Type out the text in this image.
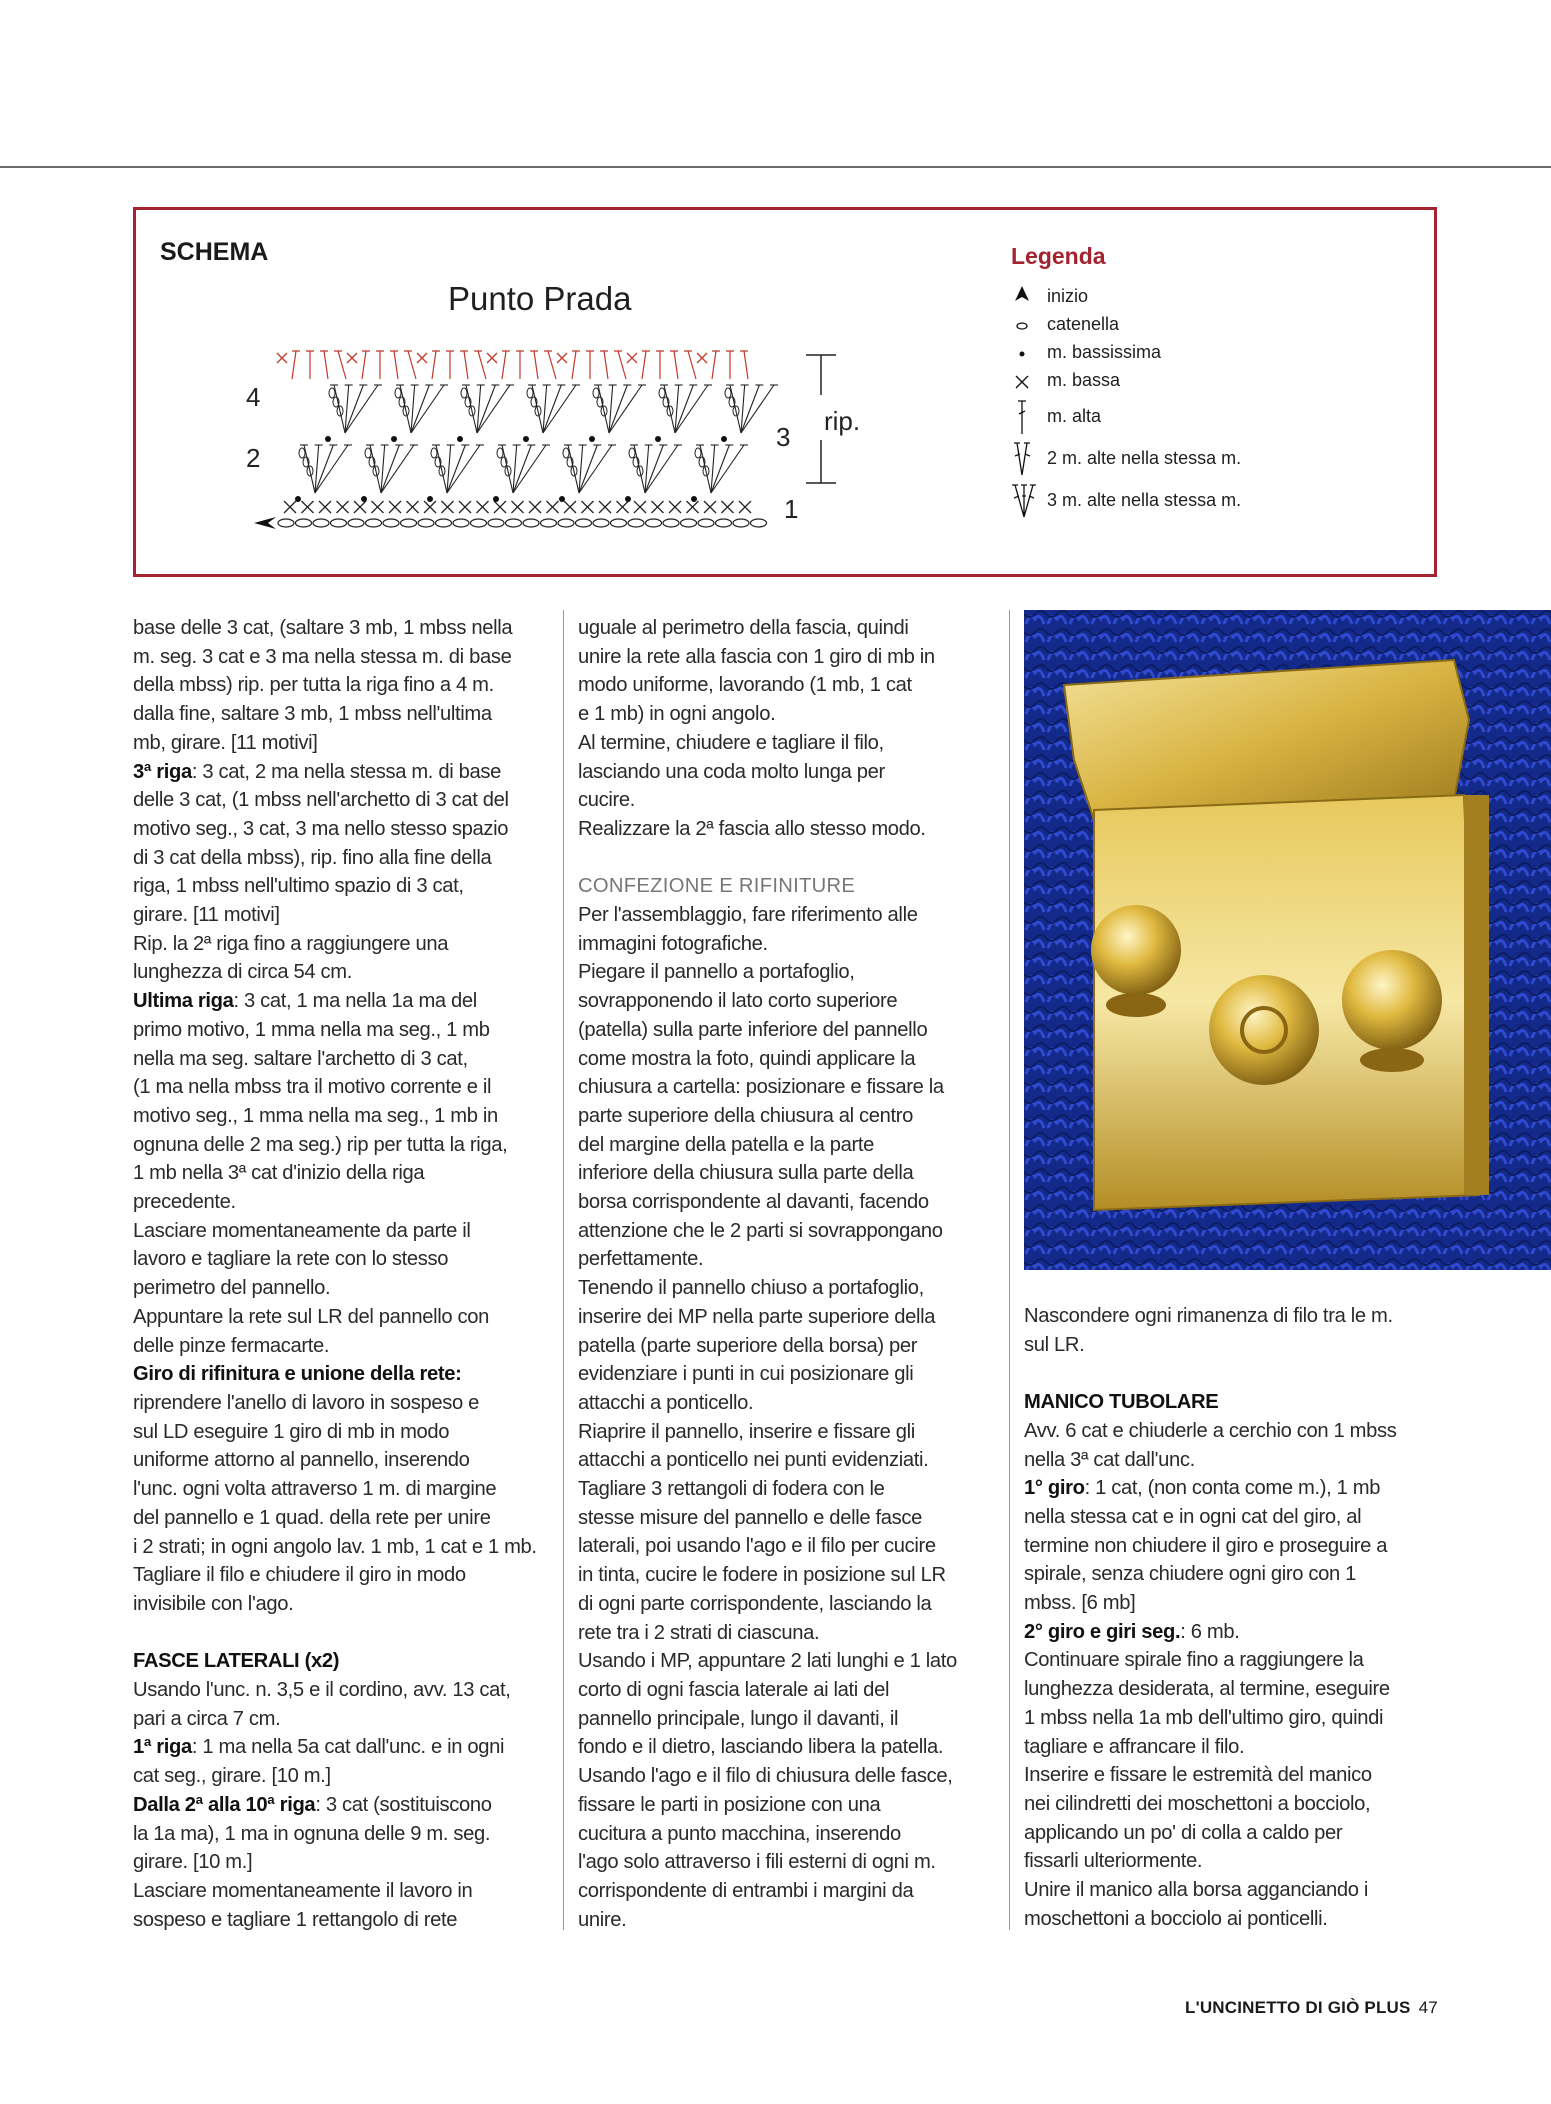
SCHEMA
Punto Prada
4
2
3
1
rip.
Legenda
inizio
catenella
m. bassissima
m. bassa
m. alta
2 m. alte nella stessa m.
3 m. alte nella stessa m.

base delle 3 cat, (saltare 3 mb, 1 mbss nella

m. seg. 3 cat e 3 ma nella stessa m. di base

della mbss) rip. per tutta la riga fino a 4 m.

dalla fine, saltare 3 mb, 1 mbss nell'ultima

mb, girare. [11 motivi]

3ª riga: 3 cat, 2 ma nella stessa m. di base

delle 3 cat, (1 mbss nell'archetto di 3 cat del

motivo seg., 3 cat, 3 ma nello stesso spazio

di 3 cat della mbss), rip. fino alla fine della

riga, 1 mbss nell'ultimo spazio di 3 cat,

girare. [11 motivi]

Rip. la 2ª riga fino a raggiungere una

lunghezza di circa 54 cm.

Ultima riga: 3 cat, 1 ma nella 1a ma del

primo motivo, 1 mma nella ma seg., 1 mb

nella ma seg. saltare l'archetto di 3 cat,

(1 ma nella mbss tra il motivo corrente e il

motivo seg., 1 mma nella ma seg., 1 mb in

ognuna delle 2 ma seg.) rip per tutta la riga,

1 mb nella 3ª cat d'inizio della riga

precedente.

Lasciare momentaneamente da parte il

lavoro e tagliare la rete con lo stesso

perimetro del pannello.

Appuntare la rete sul LR del pannello con

delle pinze fermacarte.

Giro di rifinitura e unione della rete:

riprendere l'anello di lavoro in sospeso e

sul LD eseguire 1 giro di mb in modo

uniforme attorno al pannello, inserendo

l'unc. ogni volta attraverso 1 m. di margine

del pannello e 1 quad. della rete per unire

i 2 strati; in ogni angolo lav. 1 mb, 1 cat e 1 mb.

Tagliare il filo e chiudere il giro in modo

invisibile con l'ago.

FASCE LATERALI (x2)

Usando l'unc. n. 3,5 e il cordino, avv. 13 cat,

pari a circa 7 cm.

1ª riga: 1 ma nella 5a cat dall'unc. e in ogni

cat seg., girare. [10 m.]

Dalla 2ª alla 10ª riga: 3 cat (sostituiscono

la 1a ma), 1 ma in ognuna delle 9 m. seg.

girare. [10 m.]

Lasciare momentaneamente il lavoro in

sospeso e tagliare 1 rettangolo di rete

uguale al perimetro della fascia, quindi

unire la rete alla fascia con 1 giro di mb in

modo uniforme, lavorando (1 mb, 1 cat

e 1 mb) in ogni angolo.

Al termine, chiudere e tagliare il filo,

lasciando una coda molto lunga per

cucire.

Realizzare la 2ª fascia allo stesso modo.

CONFEZIONE E RIFINITURE

Per l'assemblaggio, fare riferimento alle

immagini fotografiche.

Piegare il pannello a portafoglio,

sovrapponendo il lato corto superiore

(patella) sulla parte inferiore del pannello

come mostra la foto, quindi applicare la

chiusura a cartella: posizionare e fissare la

parte superiore della chiusura al centro

del margine della patella e la parte

inferiore della chiusura sulla parte della

borsa corrispondente al davanti, facendo

attenzione che le 2 parti si sovrappongano

perfettamente.

Tenendo il pannello chiuso a portafoglio,

inserire dei MP nella parte superiore della

patella (parte superiore della borsa) per

evidenziare i punti in cui posizionare gli

attacchi a ponticello.

Riaprire il pannello, inserire e fissare gli

attacchi a ponticello nei punti evidenziati.

Tagliare 3 rettangoli di fodera con le

stesse misure del pannello e delle fasce

laterali, poi usando l'ago e il filo per cucire

in tinta, cucire le fodere in posizione sul LR

di ogni parte corrispondente, lasciando la

rete tra i 2 strati di ciascuna.

Usando i MP, appuntare 2 lati lunghi e 1 lato

corto di ogni fascia laterale ai lati del

pannello principale, lungo il davanti, il

fondo e il dietro, lasciando libera la patella.

Usando l'ago e il filo di chiusura delle fasce,

fissare le parti in posizione con una

cucitura a punto macchina, inserendo

l'ago solo attraverso i fili esterni di ogni m.

corrispondente di entrambi i margini da

unire.

Nascondere ogni rimanenza di filo tra le m.

sul LR.

MANICO TUBOLARE

Avv. 6 cat e chiuderle a cerchio con 1 mbss

nella 3ª cat dall'unc.

1° giro: 1 cat, (non conta come m.), 1 mb

nella stessa cat e in ogni cat del giro, al

termine non chiudere il giro e proseguire a

spirale, senza chiudere ogni giro con 1

mbss. [6 mb]

2° giro e giri seg.: 6 mb.

Continuare spirale fino a raggiungere la

lunghezza desiderata, al termine, eseguire

1 mbss nella 1a mb dell'ultimo giro, quindi

tagliare e affrancare il filo.

Inserire e fissare le estremità del manico

nei cilindretti dei moschettoni a bocciolo,

applicando un po' di colla a caldo per

fissarli ulteriormente.

Unire il manico alla borsa agganciando i

moschettoni a bocciolo ai ponticelli.

L'UNCINETTO DI GIÒ PLUS 47
